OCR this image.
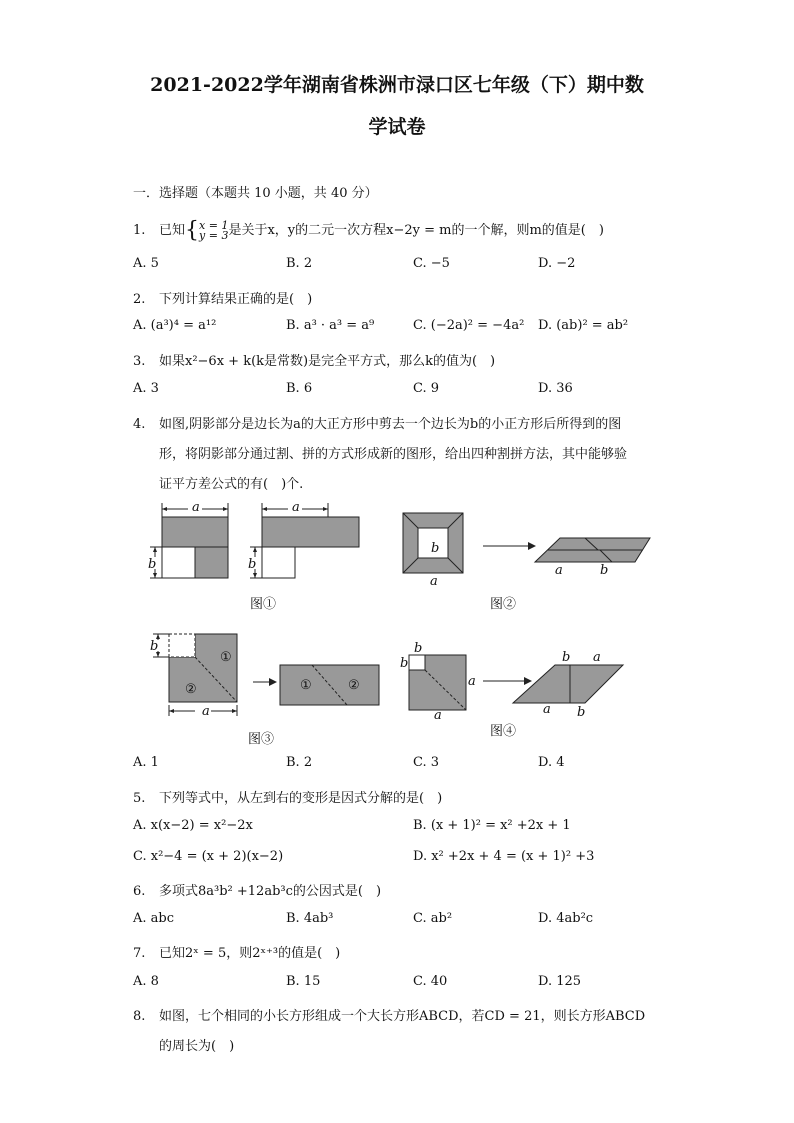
2021-2022学年湖南省株洲市渌口区七年级（下）期中数
学试卷
一．选择题（本题共 10 小题，共 40 分）
1. 已知{ x = 1
y = 3 是关于x，y的二元一次方程x−2y = m的一个解，则m的值是(　)
A. 5	B. 2	C. −5	D. −2
2. 下列计算结果正确的是(　)
A. (a³)⁴ = a¹²	B. a³ · a³ = a⁹	C. (−2a)² = −4a² D. (ab)² = ab²
3. 如果x²−6x + k(k是常数)是完全平方式，那么k的值为(　)
A. 3	B. 6	C. 9	D. 36
4. 如图,阴影部分是边长为a的大正方形中剪去一个边长为b的小正方形后所得到的图
形，将阴影部分通过割、拼的方式形成新的图形，给出四种割拼方法，其中能够验
证平方差公式的有(　)个.
a	a
b	b
图①
b
a
a	b
图②
b
①
②
a
①	②
图③
b
b
a
a
b a
a b
图④
A. 1	B. 2	C. 3	D. 4
5. 下列等式中，从左到右的变形是因式分解的是(　)
A. x(x−2) = x²−2x	B. (x + 1)² = x² +2x + 1
C. x²−4 = (x + 2)(x−2)	D. x² +2x + 4 = (x + 1)² +3
6. 多项式8a³b² +12ab³c的公因式是(　)
A. abc	B. 4ab³	C. ab²	D. 4ab²c
7. 已知2ˣ = 5，则2ˣ⁺³的值是(　)
A. 8	B. 15	C. 40	D. 125
8. 如图，七个相同的小长方形组成一个大长方形ABCD，若CD = 21，则长方形ABCD
的周长为(　)
